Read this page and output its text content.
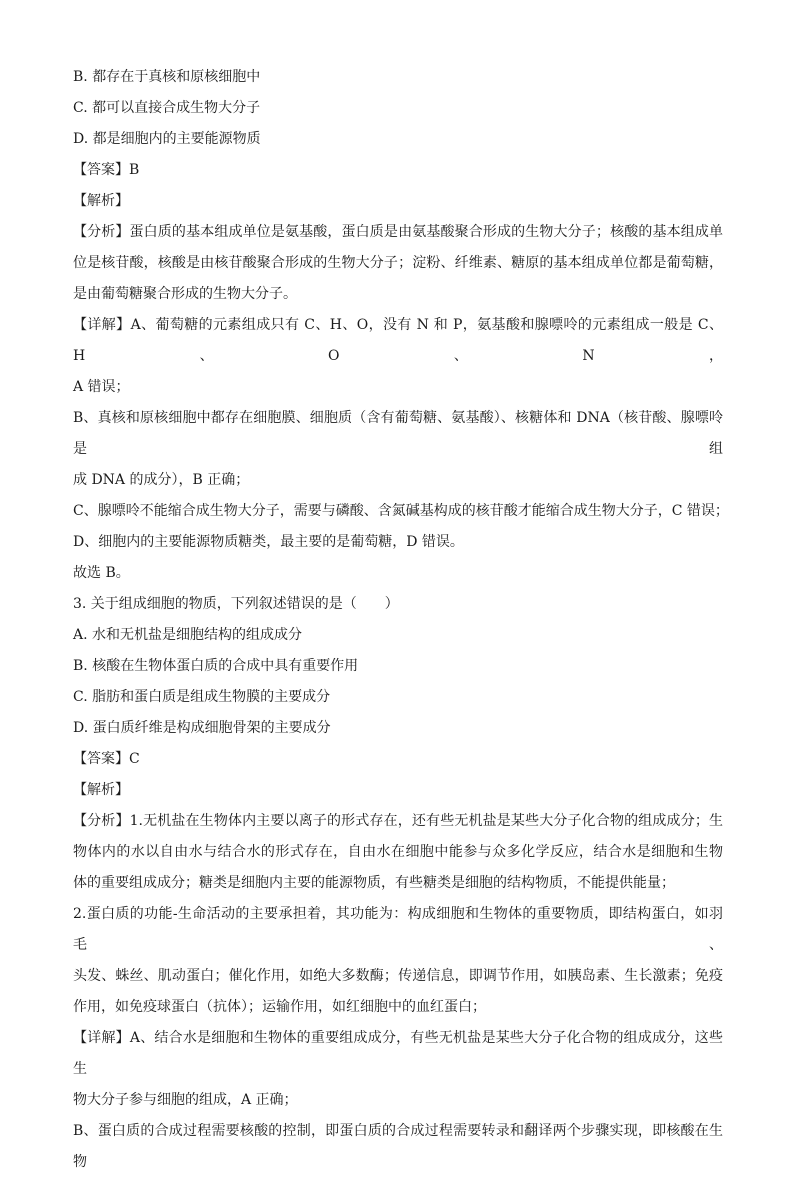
B. 都存在于真核和原核细胞中

C. 都可以直接合成生物大分子

D. 都是细胞内的主要能源物质

【答案】B

【解析】

【分析】蛋白质的基本组成单位是氨基酸，蛋白质是由氨基酸聚合形成的生物大分子；核酸的基本组成单

位是核苷酸，核酸是由核苷酸聚合形成的生物大分子；淀粉、纤维素、糖原的基本组成单位都是葡萄糖，

是由葡萄糖聚合形成的生物大分子。

【详解】A、葡萄糖的元素组成只有 C、H、O，没有 N 和 P，氨基酸和腺嘌呤的元素组成一般是 C、H、O、N，

A 错误；

B、真核和原核细胞中都存在细胞膜、细胞质（含有葡萄糖、氨基酸）、核糖体和 DNA（核苷酸、腺嘌呤是组

成 DNA 的成分），B 正确；

C、腺嘌呤不能缩合成生物大分子，需要与磷酸、含氮碱基构成的核苷酸才能缩合成生物大分子，C 错误；

D、细胞内的主要能源物质糖类，最主要的是葡萄糖，D 错误。

故选 B。

3. 关于组成细胞的物质，下列叙述错误的是（　　）

A. 水和无机盐是细胞结构的组成成分

B. 核酸在生物体蛋白质的合成中具有重要作用

C. 脂肪和蛋白质是组成生物膜的主要成分

D. 蛋白质纤维是构成细胞骨架的主要成分

【答案】C

【解析】

【分析】1.无机盐在生物体内主要以离子的形式存在，还有些无机盐是某些大分子化合物的组成成分；生

物体内的水以自由水与结合水的形式存在，自由水在细胞中能参与众多化学反应，结合水是细胞和生物

体的重要组成成分；糖类是细胞内主要的能源物质，有些糖类是细胞的结构物质，不能提供能量；

2.蛋白质的功能-生命活动的主要承担着，其功能为：构成细胞和生物体的重要物质，即结构蛋白，如羽毛、

头发、蛛丝、肌动蛋白；催化作用，如绝大多数酶；传递信息，即调节作用，如胰岛素、生长激素；免疫

作用，如免疫球蛋白（抗体）；运输作用，如红细胞中的血红蛋白；

【详解】A、结合水是细胞和生物体的重要组成成分，有些无机盐是某些大分子化合物的组成成分，这些生

物大分子参与细胞的组成，A 正确；

B、蛋白质的合成过程需要核酸的控制，即蛋白质的合成过程需要转录和翻译两个步骤实现，即核酸在生物
